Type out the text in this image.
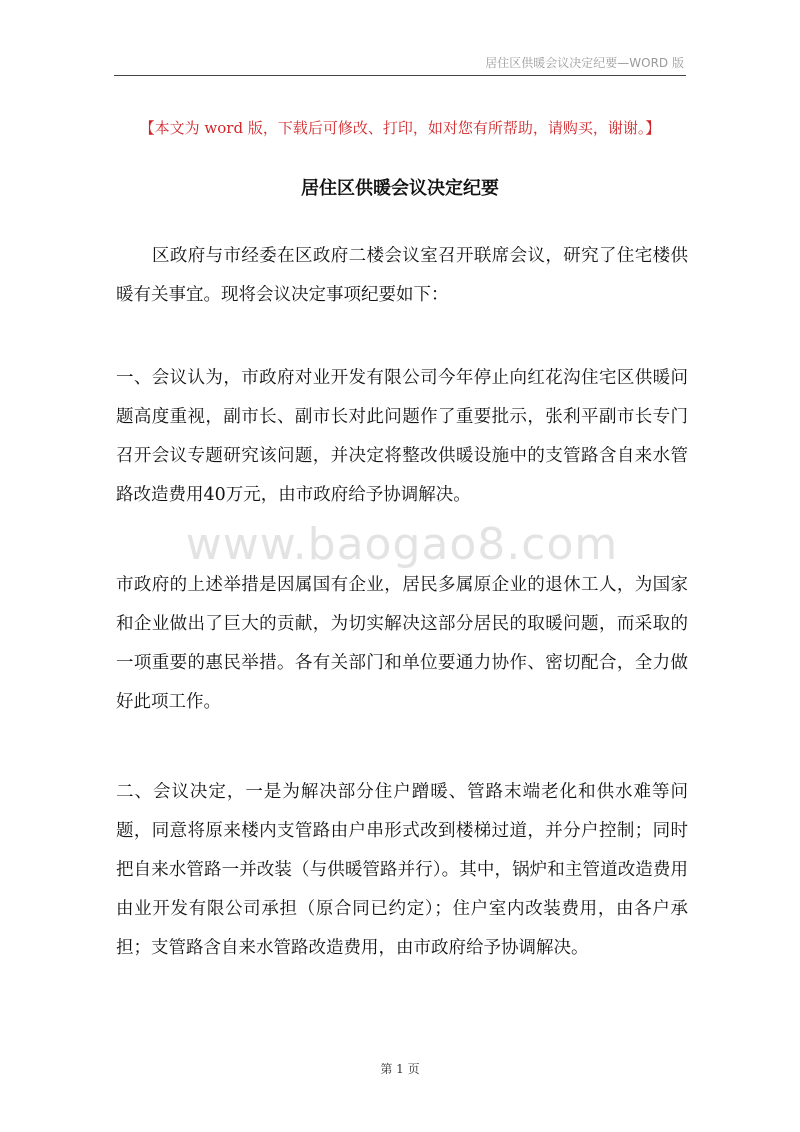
居住区供暖会议决定纪要—WORD 版
【本文为 word 版，下载后可修改、打印，如对您有所帮助，请购买，谢谢。】
居住区供暖会议决定纪要

区政府与市经委在区政府二楼会议室召开联席会议，研究了住宅楼供暖有关事宜。现将会议决定事项纪要如下：

一、会议认为，市政府对业开发有限公司今年停止向红花沟住宅区供暖问题高度重视，副市长、副市长对此问题作了重要批示，张利平副市长专门召开会议专题研究该问题，并决定将整改供暖设施中的支管路含自来水管路改造费用40万元，由市政府给予协调解决。

www.baogao8.com

市政府的上述举措是因属国有企业，居民多属原企业的退休工人，为国家和企业做出了巨大的贡献，为切实解决这部分居民的取暖问题，而采取的一项重要的惠民举措。各有关部门和单位要通力协作、密切配合，全力做好此项工作。

二、会议决定，一是为解决部分住户蹭暖、管路末端老化和供水难等问题，同意将原来楼内支管路由户串形式改到楼梯过道，并分户控制；同时把自来水管路一并改装（与供暖管路并行）。其中，锅炉和主管道改造费用由业开发有限公司承担（原合同已约定）；住户室内改装费用，由各户承担；支管路含自来水管路改造费用，由市政府给予协调解决。

第 1 页
